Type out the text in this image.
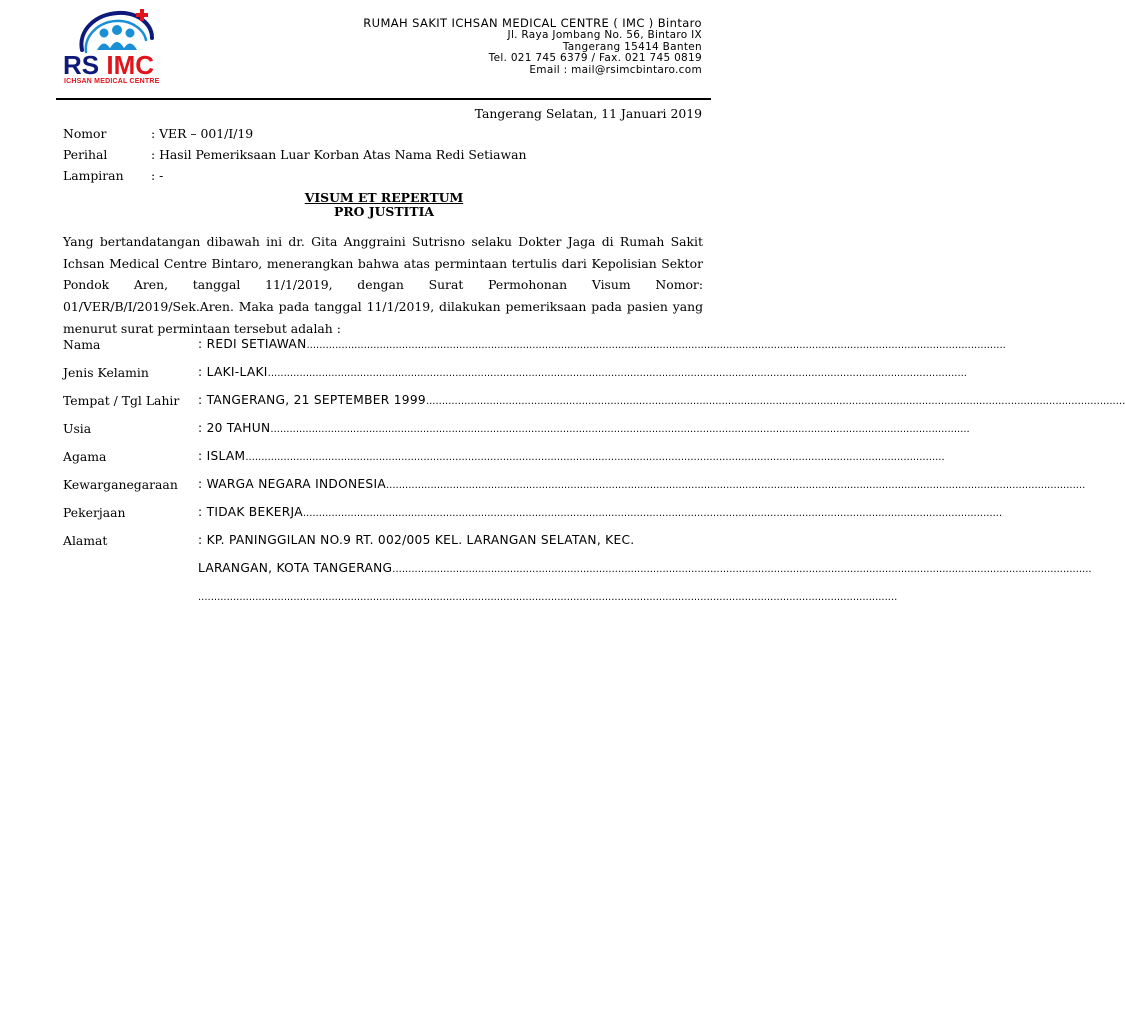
RS IMC
ICHSAN MEDICAL CENTRE
RUMAH SAKIT ICHSAN MEDICAL CENTRE ( IMC ) Bintaro
Jl. Raya Jombang No. 56, Bintaro IX
Tangerang 15414 Banten
Tel. 021 745 6379 / Fax. 021 745 0819
Email : mail@rsimcbintaro.com
Tangerang Selatan, 11 Januari 2019
Nomor	: VER – 001/I/19
Perihal	: Hasil Pemeriksaan Luar Korban Atas Nama Redi Setiawan
Lampiran : -
VISUM ET REPERTUM
PRO JUSTITIA
Yang bertandatangan dibawah ini dr. Gita Anggraini Sutrisno selaku Dokter Jaga di Rumah Sakit Ichsan Medical Centre Bintaro, menerangkan bahwa atas permintaan tertulis dari Kepolisian Sektor Pondok Aren, tanggal 11/1/2019, dengan Surat Permohonan Visum Nomor: 01/VER/B/I/2019/Sek.Aren. Maka pada tanggal 11/1/2019, dilakukan pemeriksaan pada pasien yang menurut surat permintaan tersebut adalah :
Nama	: REDI SETIAWAN............................................................................................................................................................................................................................
Jenis Kelamin	: LAKI-LAKI............................................................................................................................................................................................................................
Tempat / Tgl Lahir : TANGERANG, 21 SEPTEMBER 1999............................................................................................................................................................................................................................
Usia	: 20 TAHUN............................................................................................................................................................................................................................
Agama	: ISLAM............................................................................................................................................................................................................................
Kewarganegaraan : WARGA NEGARA INDONESIA............................................................................................................................................................................................................................
Pekerjaan	: TIDAK BEKERJA............................................................................................................................................................................................................................
Alamat	: KP. PANINGGILAN NO.9 RT. 002/005 KEL. LARANGAN SELATAN, KEC.
LARANGAN, KOTA TANGERANG............................................................................................................................................................................................................................
............................................................................................................................................................................................................................
